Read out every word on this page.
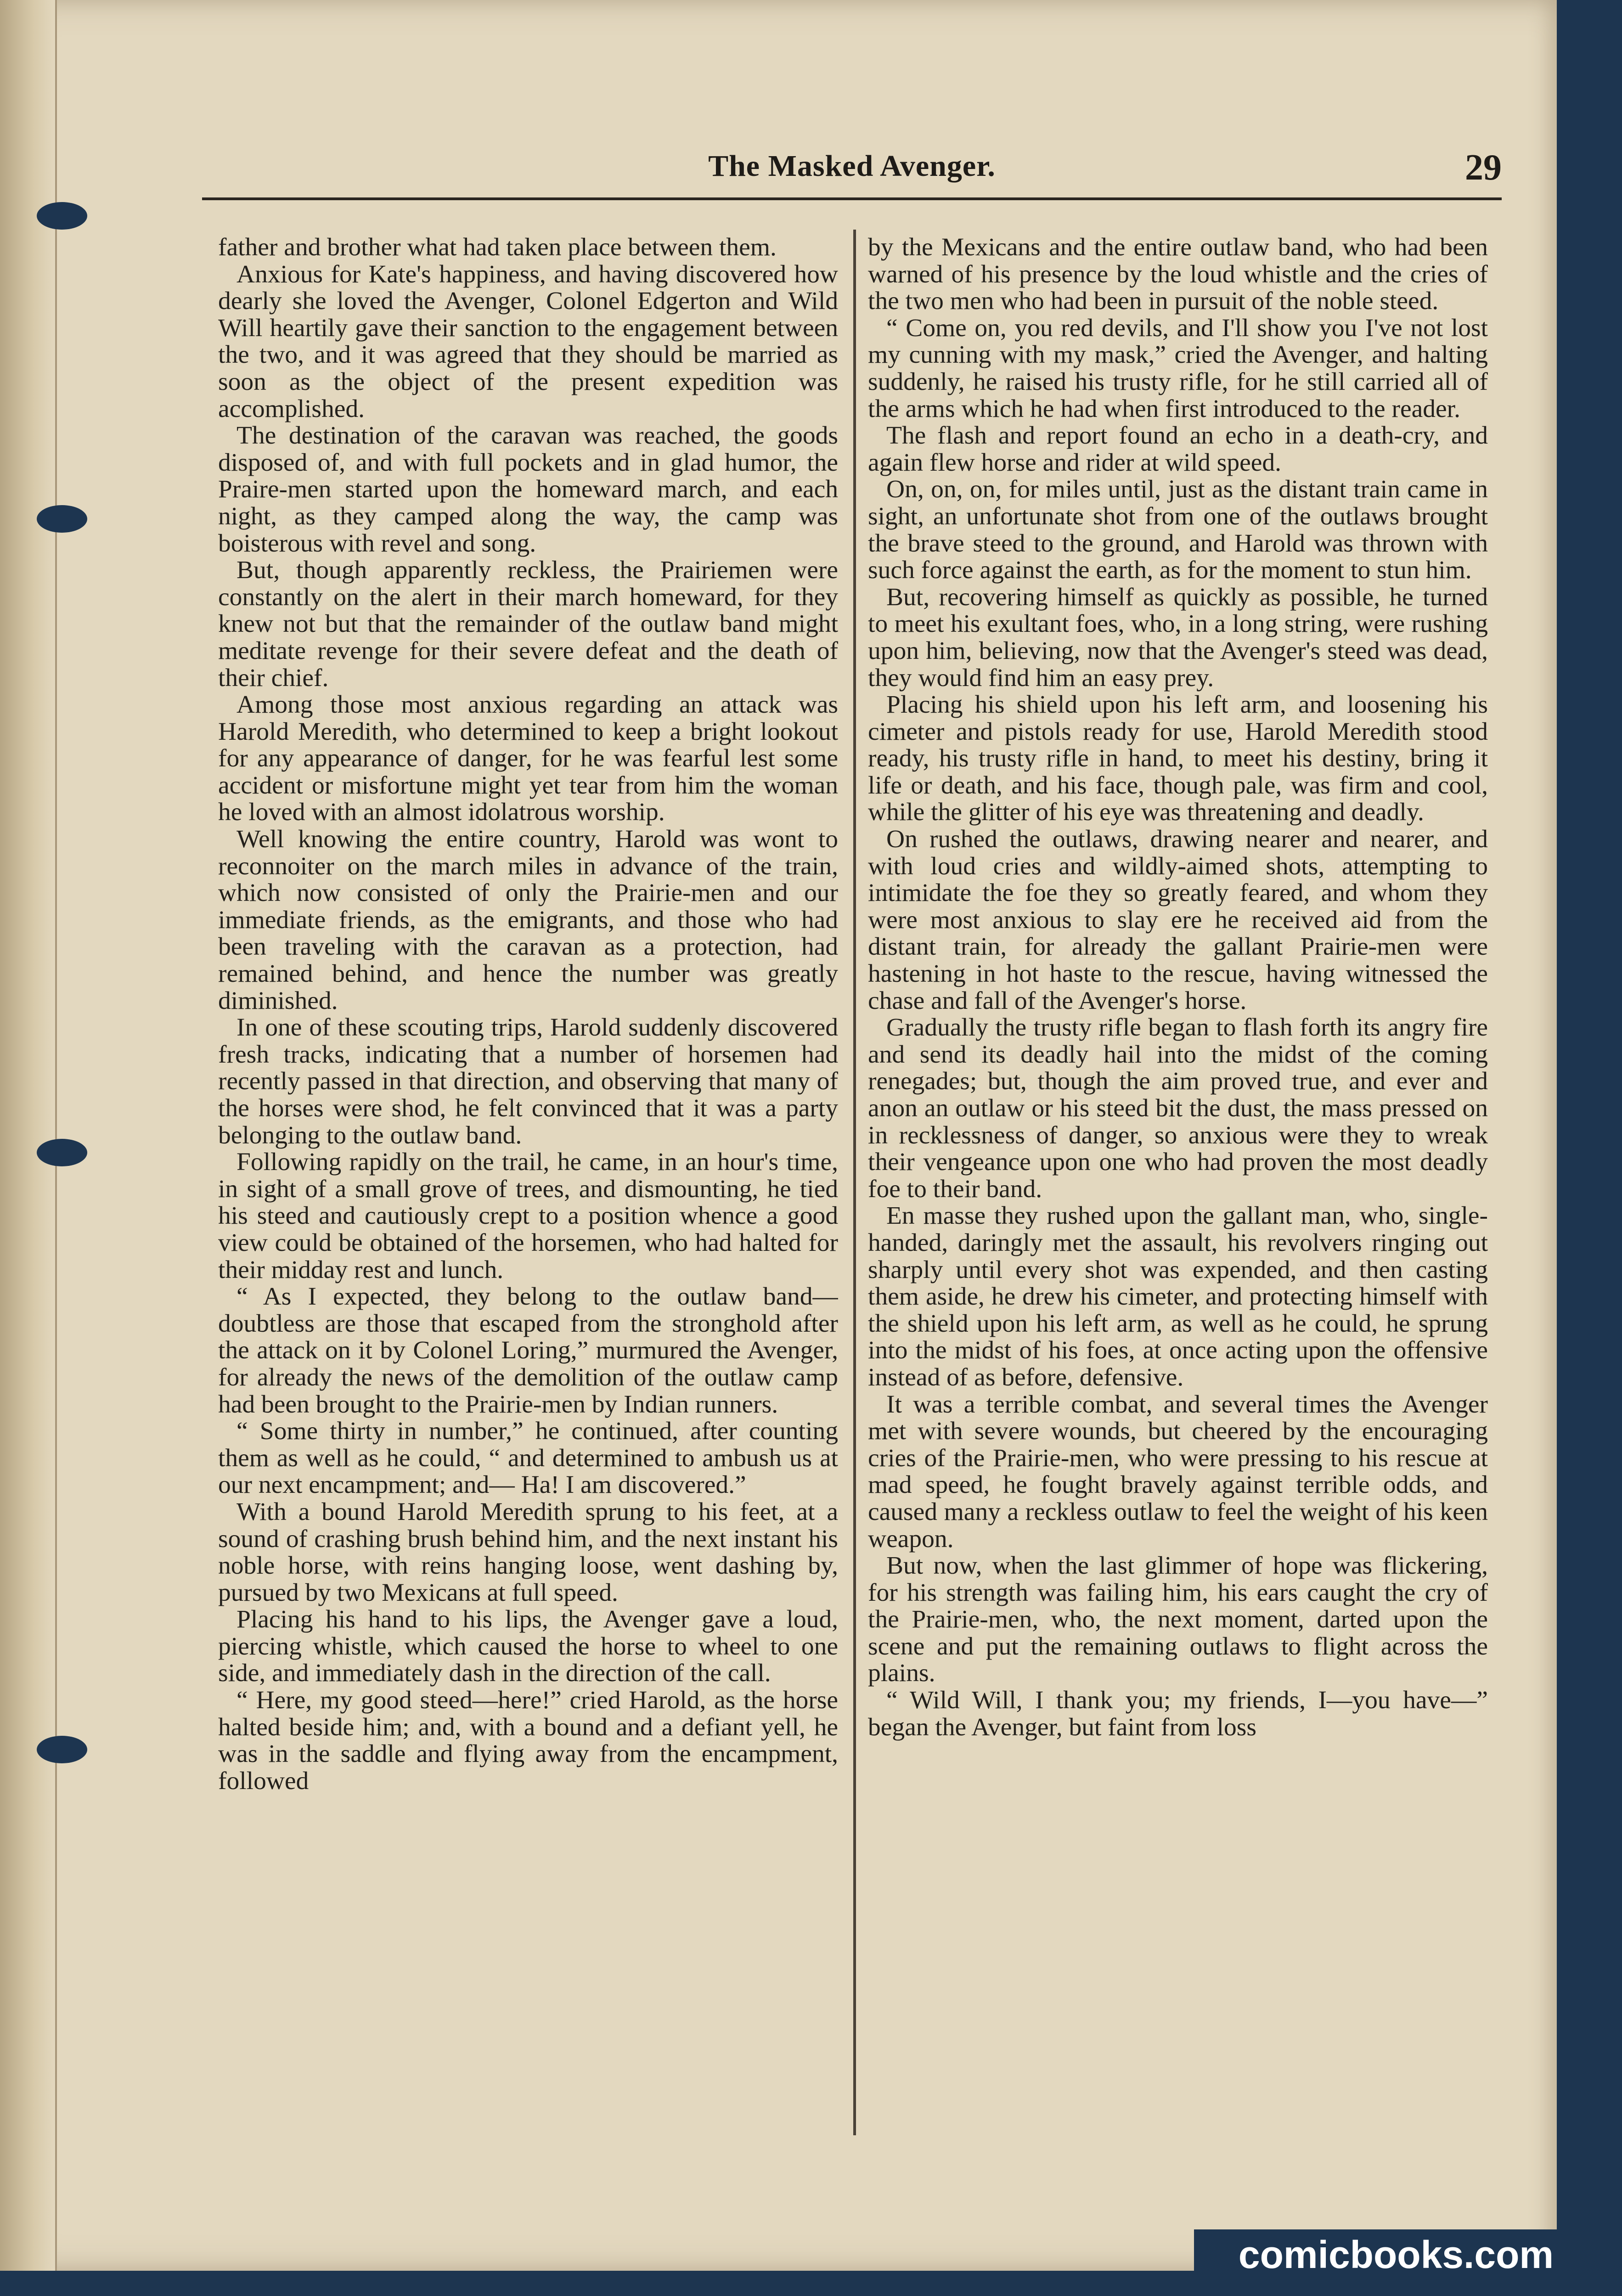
The Masked Avenger.	29

father and brother what had taken place between them.

Anxious for Kate's happiness, and having discovered how dearly she loved the Avenger, Colonel Edgerton and Wild Will heartily gave their sanction to the engagement between the two, and it was agreed that they should be married as soon as the object of the present expedition was accomplished.

The destination of the caravan was reached, the goods disposed of, and with full pockets and in glad humor, the Praire-men started upon the homeward march, and each night, as they camped along the way, the camp was boisterous with revel and song.

But, though apparently reckless, the Prairiemen were constantly on the alert in their march homeward, for they knew not but that the remainder of the outlaw band might meditate revenge for their severe defeat and the death of their chief.

Among those most anxious regarding an attack was Harold Meredith, who determined to keep a bright lookout for any appearance of danger, for he was fearful lest some accident or misfortune might yet tear from him the woman he loved with an almost idolatrous worship.

Well knowing the entire country, Harold was wont to reconnoiter on the march miles in advance of the train, which now consisted of only the Prairie-men and our immediate friends, as the emigrants, and those who had been traveling with the caravan as a protection, had remained behind, and hence the number was greatly diminished.

In one of these scouting trips, Harold suddenly discovered fresh tracks, indicating that a number of horsemen had recently passed in that direction, and observing that many of the horses were shod, he felt convinced that it was a party belonging to the outlaw band.

Following rapidly on the trail, he came, in an hour's time, in sight of a small grove of trees, and dismounting, he tied his steed and cautiously crept to a position whence a good view could be obtained of the horsemen, who had halted for their midday rest and lunch.

“ As I expected, they belong to the outlaw band—doubtless are those that escaped from the stronghold after the attack on it by Colonel Loring,” murmured the Avenger, for already the news of the demolition of the outlaw camp had been brought to the Prairie-men by Indian runners.

“ Some thirty in number,” he continued, after counting them as well as he could, “ and determined to ambush us at our next encampment; and— Ha! I am discovered.”

With a bound Harold Meredith sprung to his feet, at a sound of crashing brush behind him, and the next instant his noble horse, with reins hanging loose, went dashing by, pursued by two Mexicans at full speed.

Placing his hand to his lips, the Avenger gave a loud, piercing whistle, which caused the horse to wheel to one side, and immediately dash in the direction of the call.

“ Here, my good steed—here!” cried Harold, as the horse halted beside him; and, with a bound and a defiant yell, he was in the saddle and flying away from the encampment, followed

by the Mexicans and the entire outlaw band, who had been warned of his presence by the loud whistle and the cries of the two men who had been in pursuit of the noble steed.

“ Come on, you red devils, and I'll show you I've not lost my cunning with my mask,” cried the Avenger, and halting suddenly, he raised his trusty rifle, for he still carried all of the arms which he had when first introduced to the reader.

The flash and report found an echo in a death-cry, and again flew horse and rider at wild speed.

On, on, on, for miles until, just as the distant train came in sight, an unfortunate shot from one of the outlaws brought the brave steed to the ground, and Harold was thrown with such force against the earth, as for the moment to stun him.

But, recovering himself as quickly as possible, he turned to meet his exultant foes, who, in a long string, were rushing upon him, believing, now that the Avenger's steed was dead, they would find him an easy prey.

Placing his shield upon his left arm, and loosening his cimeter and pistols ready for use, Harold Meredith stood ready, his trusty rifle in hand, to meet his destiny, bring it life or death, and his face, though pale, was firm and cool, while the glitter of his eye was threatening and deadly.

On rushed the outlaws, drawing nearer and nearer, and with loud cries and wildly-aimed shots, attempting to intimidate the foe they so greatly feared, and whom they were most anxious to slay ere he received aid from the distant train, for already the gallant Prairie-men were hastening in hot haste to the rescue, having witnessed the chase and fall of the Avenger's horse.

Gradually the trusty rifle began to flash forth its angry fire and send its deadly hail into the midst of the coming renegades; but, though the aim proved true, and ever and anon an outlaw or his steed bit the dust, the mass pressed on in recklessness of danger, so anxious were they to wreak their vengeance upon one who had proven the most deadly foe to their band.

En masse they rushed upon the gallant man, who, single-handed, daringly met the assault, his revolvers ringing out sharply until every shot was expended, and then casting them aside, he drew his cimeter, and protecting himself with the shield upon his left arm, as well as he could, he sprung into the midst of his foes, at once acting upon the offensive instead of as before, defensive.

It was a terrible combat, and several times the Avenger met with severe wounds, but cheered by the encouraging cries of the Prairie-men, who were pressing to his rescue at mad speed, he fought bravely against terrible odds, and caused many a reckless outlaw to feel the weight of his keen weapon.

But now, when the last glimmer of hope was flickering, for his strength was failing him, his ears caught the cry of the Prairie-men, who, the next moment, darted upon the scene and put the remaining outlaws to flight across the plains.

“ Wild Will, I thank you; my friends, I—you have—” began the Avenger, but faint from loss

comicbooks.com
